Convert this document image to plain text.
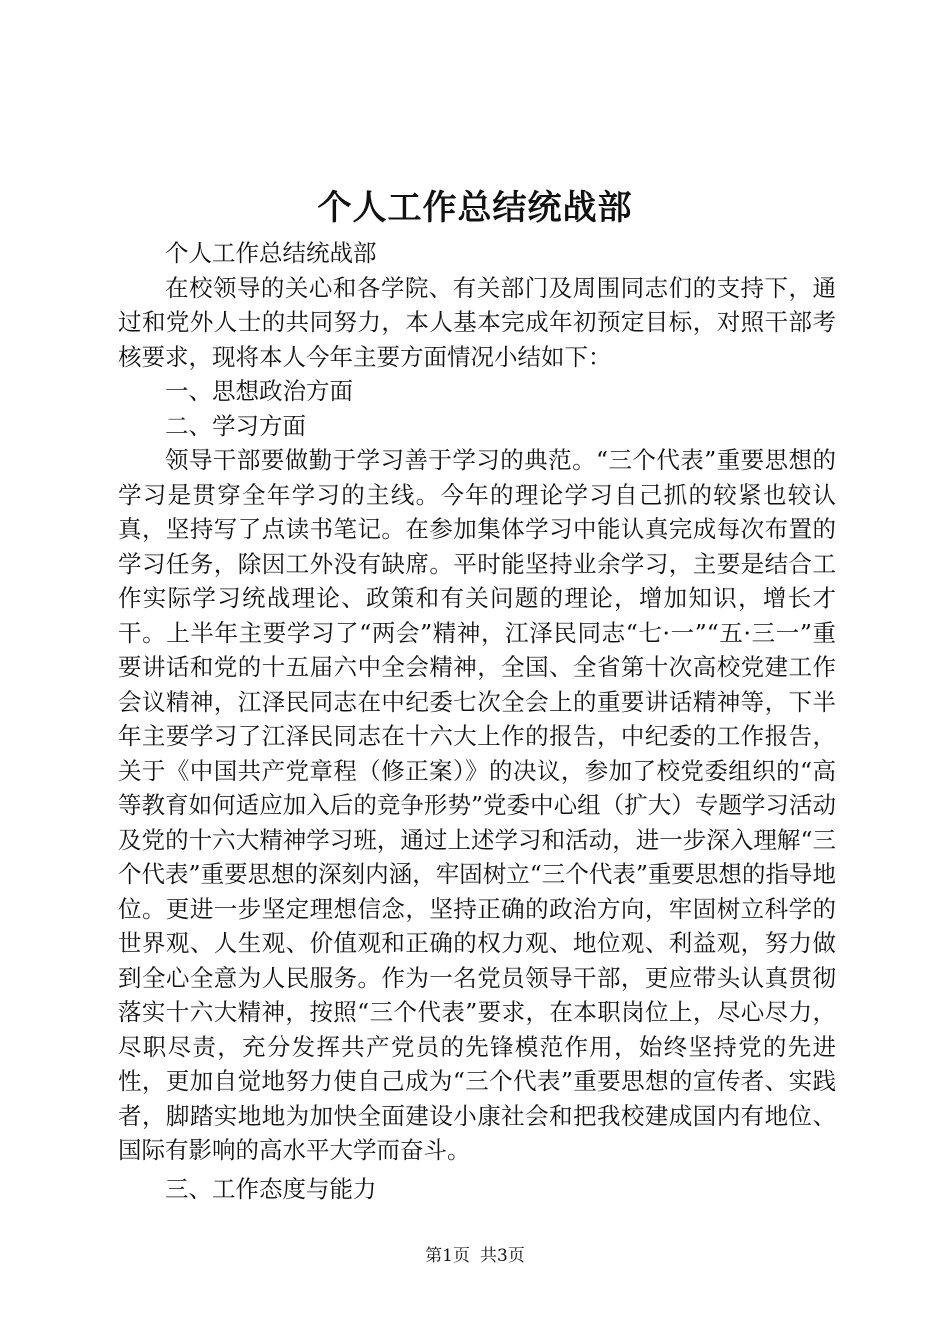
个人工作总结统战部

个人工作总结统战部

在校领导的关心和各学院、有关部门及周围同志们的支持下，通过和党外人士的共同努力，本人基本完成年初预定目标，对照干部考核要求，现将本人今年主要方面情况小结如下：

一、思想政治方面

二、学习方面

领导干部要做勤于学习善于学习的典范。“三个代表”重要思想的学习是贯穿全年学习的主线。今年的理论学习自己抓的较紧也较认真，坚持写了点读书笔记。在参加集体学习中能认真完成每次布置的学习任务，除因工外没有缺席。平时能坚持业余学习，主要是结合工作实际学习统战理论、政策和有关问题的理论，增加知识，增长才干。上半年主要学习了“两会”精神，江泽民同志“七·一”“五·三一”重要讲话和党的十五届六中全会精神，全国、全省第十次高校党建工作会议精神，江泽民同志在中纪委七次全会上的重要讲话精神等，下半年主要学习了江泽民同志在十六大上作的报告，中纪委的工作报告，关于《中国共产党章程（修正案）》的决议，参加了校党委组织的“高等教育如何适应加入后的竞争形势”党委中心组（扩大）专题学习活动及党的十六大精神学习班，通过上述学习和活动，进一步深入理解“三个代表”重要思想的深刻内涵，牢固树立“三个代表”重要思想的指导地位。更进一步坚定理想信念，坚持正确的政治方向，牢固树立科学的世界观、人生观、价值观和正确的权力观、地位观、利益观，努力做到全心全意为人民服务。作为一名党员领导干部，更应带头认真贯彻落实十六大精神，按照“三个代表”要求，在本职岗位上，尽心尽力，尽职尽责，充分发挥共产党员的先锋模范作用，始终坚持党的先进性，更加自觉地努力使自己成为“三个代表”重要思想的宣传者、实践者，脚踏实地地为加快全面建设小康社会和把我校建成国内有地位、国际有影响的高水平大学而奋斗。

三、工作态度与能力

第1页 共3页
